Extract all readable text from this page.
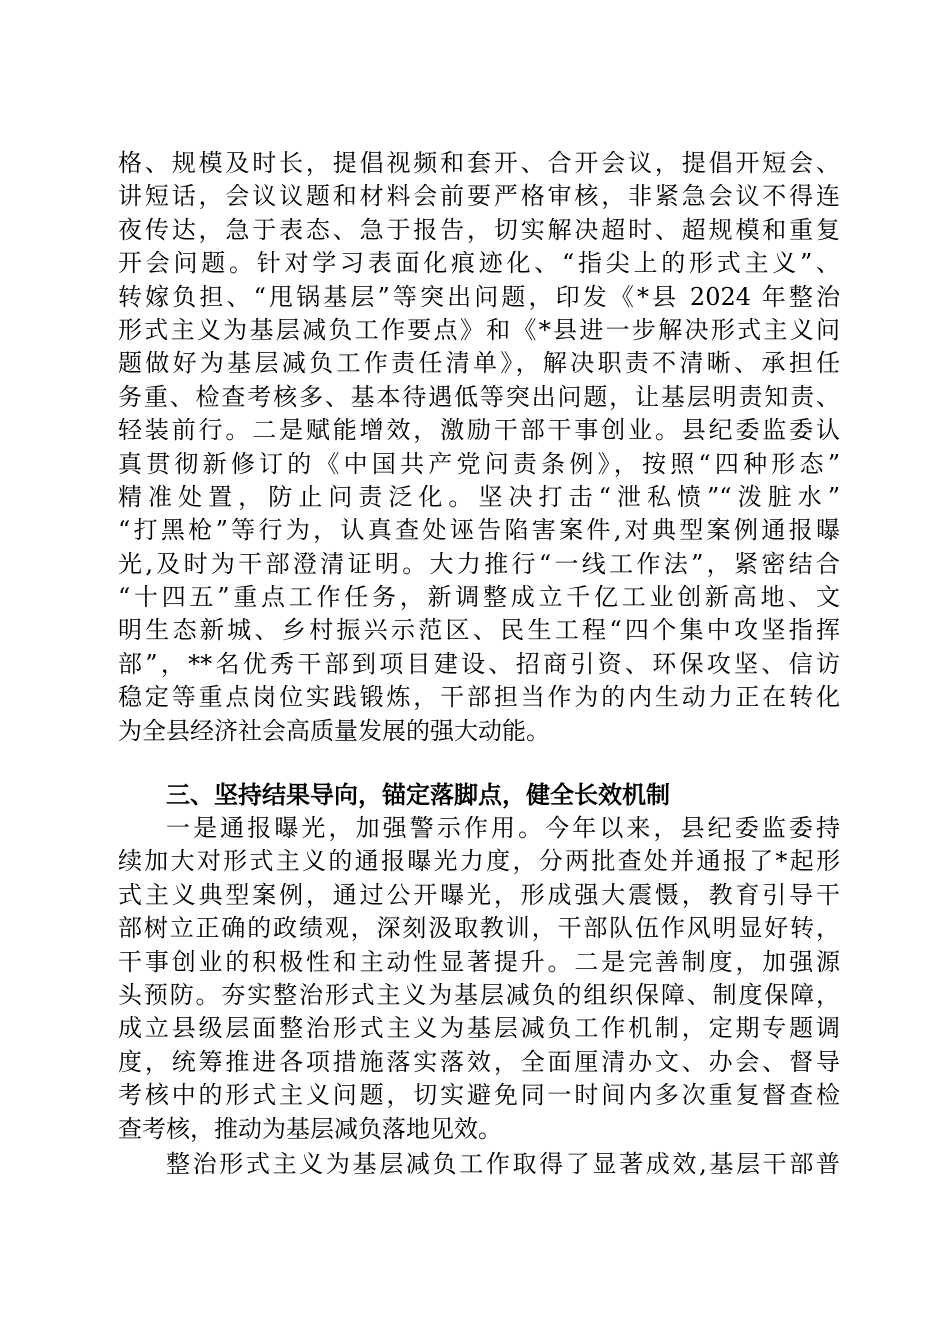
格、规模及时长，提倡视频和套开、合开会议，提倡开短会、
讲短话，会议议题和材料会前要严格审核，非紧急会议不得连
夜传达，急于表态、急于报告，切实解决超时、超规模和重复
开会问题。针对学习表面化痕迹化、“指尖上的形式主义”、
转嫁负担、“甩锅基层”等突出问题，印发《*县 2024 年整治
形式主义为基层减负工作要点》和《*县进一步解决形式主义问
题做好为基层减负工作责任清单》，解决职责不清晰、承担任
务重、检查考核多、基本待遇低等突出问题，让基层明责知责、
轻装前行。二是赋能增效，激励干部干事创业。县纪委监委认
真贯彻新修订的《中国共产党问责条例》，按照“四种形态”
精准处置，防止问责泛化。坚决打击“泄私愤”“泼脏水”
“打黑枪”等行为，认真查处诬告陷害案件,对典型案例通报曝
光,及时为干部澄清证明。大力推行“一线工作法”，紧密结合
“十四五”重点工作任务，新调整成立千亿工业创新高地、文
明生态新城、乡村振兴示范区、民生工程“四个集中攻坚指挥
部”，**名优秀干部到项目建设、招商引资、环保攻坚、信访
稳定等重点岗位实践锻炼，干部担当作为的内生动力正在转化
为全县经济社会高质量发展的强大动能。
三、坚持结果导向，锚定落脚点，健全长效机制
一是通报曝光，加强警示作用。今年以来，县纪委监委持
续加大对形式主义的通报曝光力度，分两批查处并通报了*起形
式主义典型案例，通过公开曝光，形成强大震慑，教育引导干
部树立正确的政绩观，深刻汲取教训，干部队伍作风明显好转，
干事创业的积极性和主动性显著提升。二是完善制度，加强源
头预防。夯实整治形式主义为基层减负的组织保障、制度保障，
成立县级层面整治形式主义为基层减负工作机制，定期专题调
度，统筹推进各项措施落实落效，全面厘清办文、办会、督导
考核中的形式主义问题，切实避免同一时间内多次重复督查检
查考核，推动为基层减负落地见效。
整治形式主义为基层减负工作取得了显著成效,基层干部普
